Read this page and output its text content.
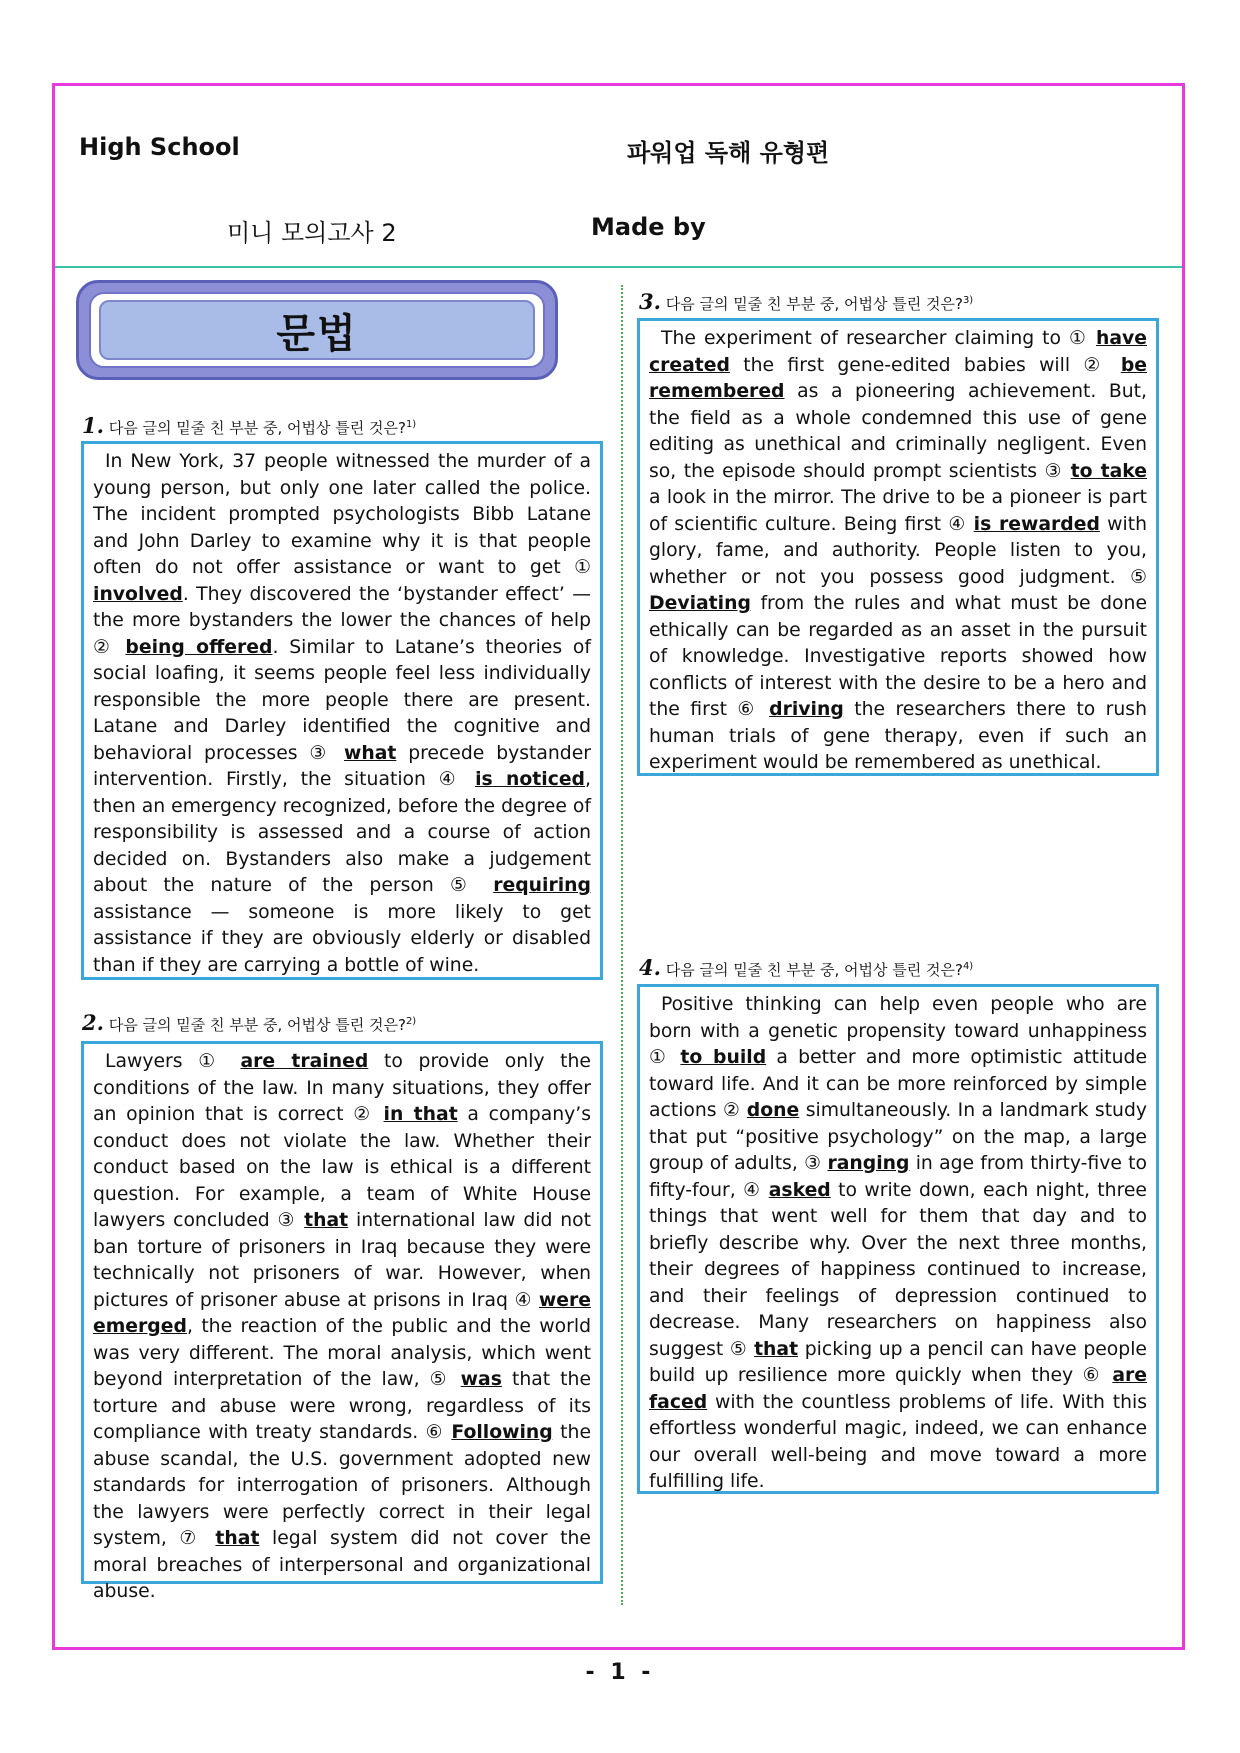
High School	파워업 독해 유형편
미니 모의고사 2	Made by
문법
1. 다음 글의 밑줄 친 부분 중, 어법상 틀린 것은?$^{1)}$
In New York, 37 people witnessed the murder of a young person, but only one later called the police. The incident prompted psychologists Bibb Latane and John Darley to examine why it is that people often do not offer assistance or want to get ① involved. They discovered the ‘bystander effect’ — the more bystanders the lower the chances of help ② being offered. Similar to Latane’s theories of social loafing, it seems people feel less individually responsible the more people there are present. Latane and Darley identified the cognitive and behavioral processes ③ what precede bystander intervention. Firstly, the situation ④ is noticed, then an emergency recognized, before the degree of responsibility is assessed and a course of action decided on. Bystanders also make a judgement about the nature of the person ⑤ requiring assistance — someone is more likely to get assistance if they are obviously elderly or disabled than if they are carrying a bottle of wine.
2. 다음 글의 밑줄 친 부분 중, 어법상 틀린 것은?$^{2)}$
Lawyers ① are trained to provide only the conditions of the law. In many situations, they offer an opinion that is correct ② in that a company’s conduct does not violate the law. Whether their conduct based on the law is ethical is a different question. For example, a team of White House lawyers concluded ③ that international law did not ban torture of prisoners in Iraq because they were technically not prisoners of war. However, when pictures of prisoner abuse at prisons in Iraq ④ were emerged, the reaction of the public and the world was very different. The moral analysis, which went beyond interpretation of the law, ⑤ was that the torture and abuse were wrong, regardless of its compliance with treaty standards. ⑥ Following the abuse scandal, the U.S. government adopted new standards for interrogation of prisoners. Although the lawyers were perfectly correct in their legal system, ⑦ that legal system did not cover the moral breaches of interpersonal and organizational abuse.
3. 다음 글의 밑줄 친 부분 중, 어법상 틀린 것은?$^{3)}$
The experiment of researcher claiming to ① have created the first gene-edited babies will ② be remembered as a pioneering achievement. But, the field as a whole condemned this use of gene editing as unethical and criminally negligent. Even so, the episode should prompt scientists ③ to take a look in the mirror. The drive to be a pioneer is part of scientific culture. Being first ④ is rewarded with glory, fame, and authority. People listen to you, whether or not you possess good judgment. ⑤ Deviating from the rules and what must be done ethically can be regarded as an asset in the pursuit of knowledge. Investigative reports showed how conflicts of interest with the desire to be a hero and the first ⑥ driving the researchers there to rush human trials of gene therapy, even if such an experiment would be remembered as unethical.
4. 다음 글의 밑줄 친 부분 중, 어법상 틀린 것은?$^{4)}$
Positive thinking can help even people who are born with a genetic propensity toward unhappiness ① to build a better and more optimistic attitude toward life. And it can be more reinforced by simple actions ② done simultaneously. In a landmark study that put “positive psychology” on the map, a large group of adults, ③ ranging in age from thirty-five to fifty-four, ④ asked to write down, each night, three things that went well for them that day and to briefly describe why. Over the next three months, their degrees of happiness continued to increase, and their feelings of depression continued to decrease. Many researchers on happiness also suggest ⑤ that picking up a pencil can have people build up resilience more quickly when they ⑥ are faced with the countless problems of life. With this effortless wonderful magic, indeed, we can enhance our overall well-being and move toward a more fulfilling life.
- 1 -
